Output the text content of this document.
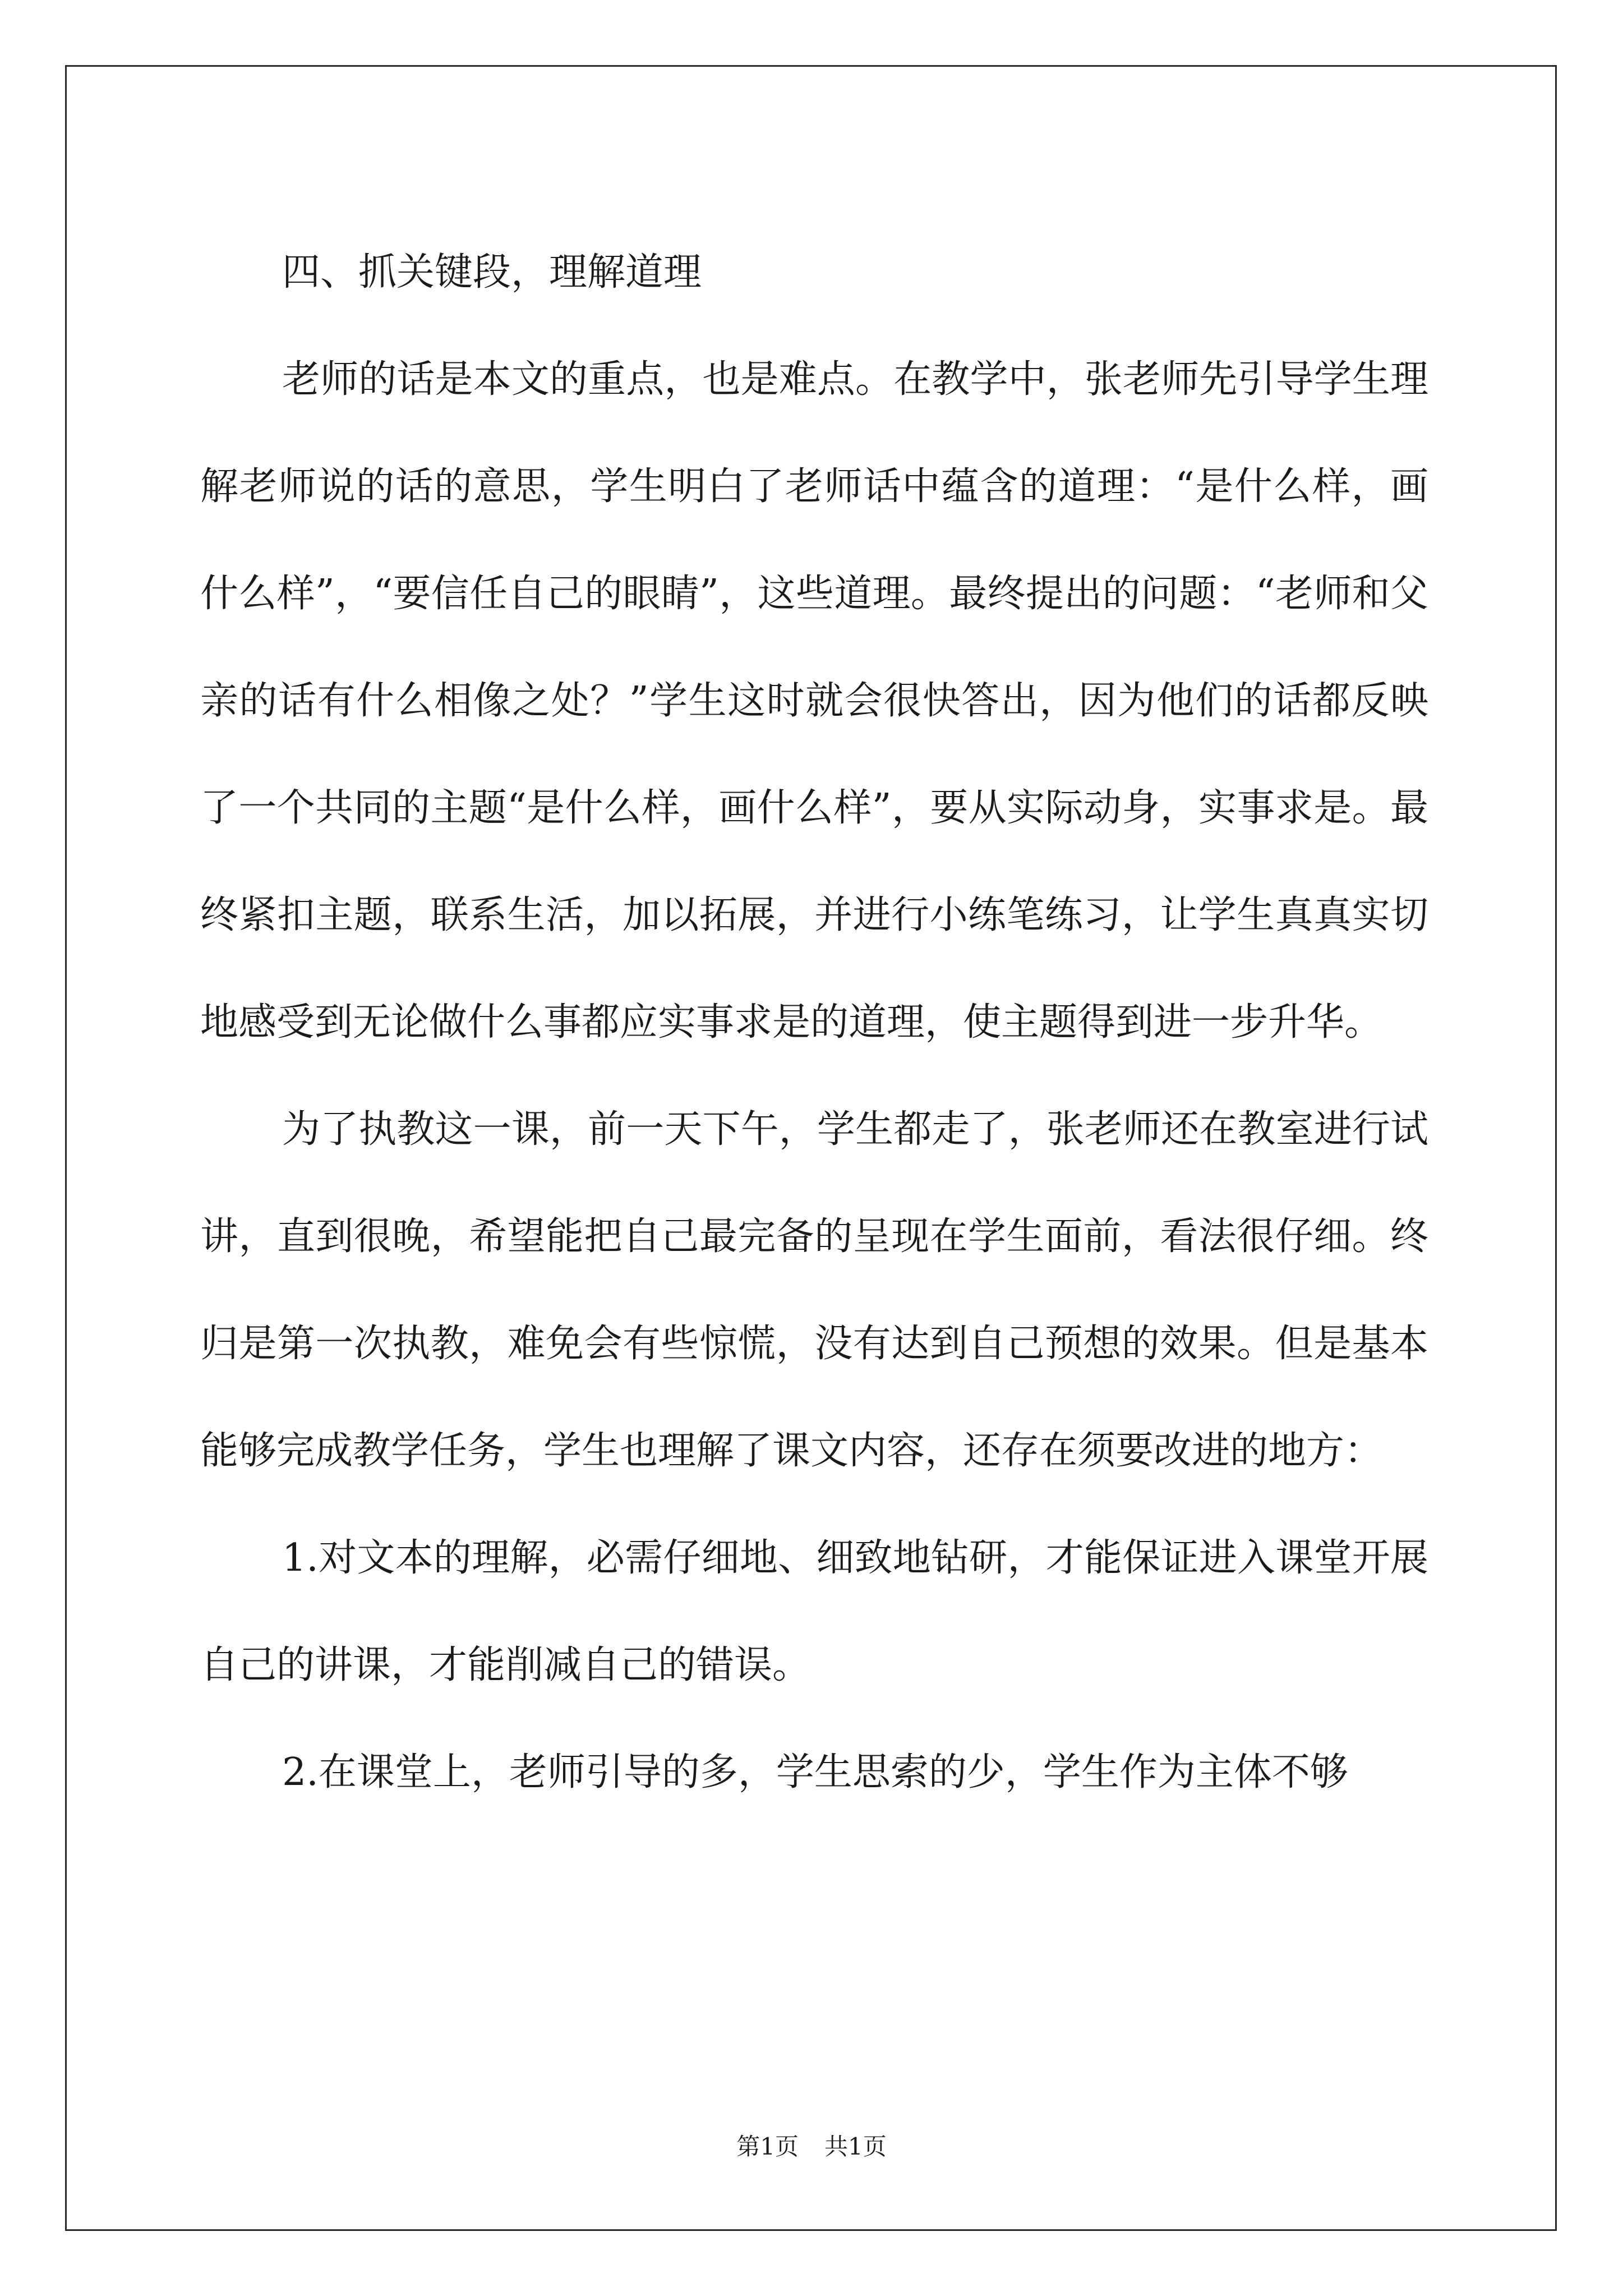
四、抓关键段，理解道理

老师的话是本文的重点，也是难点。在教学中，张老师先引导学生理解老师说的话的意思，学生明白了老师话中蕴含的道理：“是什么样，画什么样”，“要信任自己的眼睛”，这些道理。最终提出的问题：“老师和父亲的话有什么相像之处？”学生这时就会很快答出，因为他们的话都反映了一个共同的主题“是什么样，画什么样”，要从实际动身，实事求是。最终紧扣主题，联系生活，加以拓展，并进行小练笔练习，让学生真真实切地感受到无论做什么事都应实事求是的道理，使主题得到进一步升华。

为了执教这一课，前一天下午，学生都走了，张老师还在教室进行试讲，直到很晚，希望能把自己最完备的呈现在学生面前，看法很仔细。终归是第一次执教，难免会有些惊慌，没有达到自己预想的效果。但是基本能够完成教学任务，学生也理解了课文内容，还存在须要改进的地方：

1.对文本的理解，必需仔细地、细致地钻研，才能保证进入课堂开展自己的讲课，才能削减自己的错误。

2.在课堂上，老师引导的多，学生思索的少，学生作为主体不够

第1页 共1页
